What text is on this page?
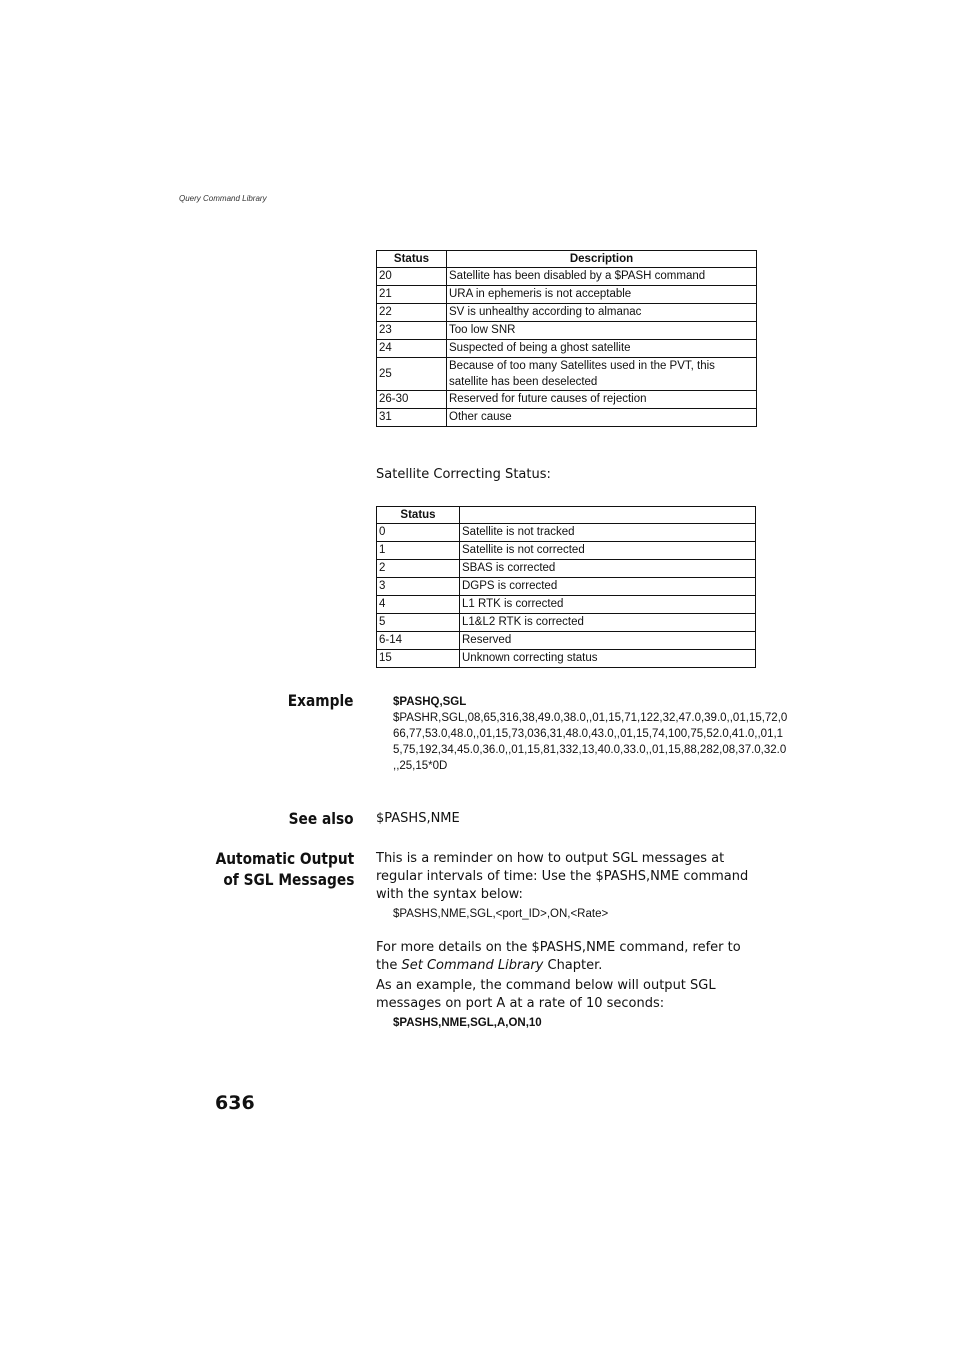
Query Command Library
Status	Description
20	Satellite has been disabled by a $PASH command
21	URA in ephemeris is not acceptable
22	SV is unhealthy according to almanac
23	Too low SNR
24	Suspected of being a ghost satellite
25	Because of too many Satellites used in the PVT, this satellite has been deselected
26-30	Reserved for future causes of rejection
31	Other cause
Satellite Correcting Status:
Status	
0	Satellite is not tracked
1	Satellite is not corrected
2	SBAS is corrected
3	DGPS is corrected
4	L1 RTK is corrected
5	L1&L2 RTK is corrected
6-14	Reserved
15	Unknown correcting status
Example	$PASHQ,SGL
$PASHR,SGL,08,65,316,38,49.0,38.0,,01,15,71,122,32,47.0,39.0,,01,15,72,0
66,77,53.0,48.0,,01,15,73,036,31,48.0,43.0,,01,15,74,100,75,52.0,41.0,,01,1
5,75,192,34,45.0,36.0,,01,15,81,332,13,40.0,33.0,,01,15,88,282,08,37.0,32.0
,,25,15*0D
See also $PASHS,NME
Automatic Output
of SGL Messages
This is a reminder on how to output SGL messages at regular intervals of time: Use the $PASHS,NME command with the syntax below:
$PASHS,NME,SGL,<port_ID>,ON,<Rate>
For more details on the $PASHS,NME command, refer to the Set Command Library Chapter.
As an example, the command below will output SGL messages on port A at a rate of 10 seconds:
$PASHS,NME,SGL,A,ON,10
636
